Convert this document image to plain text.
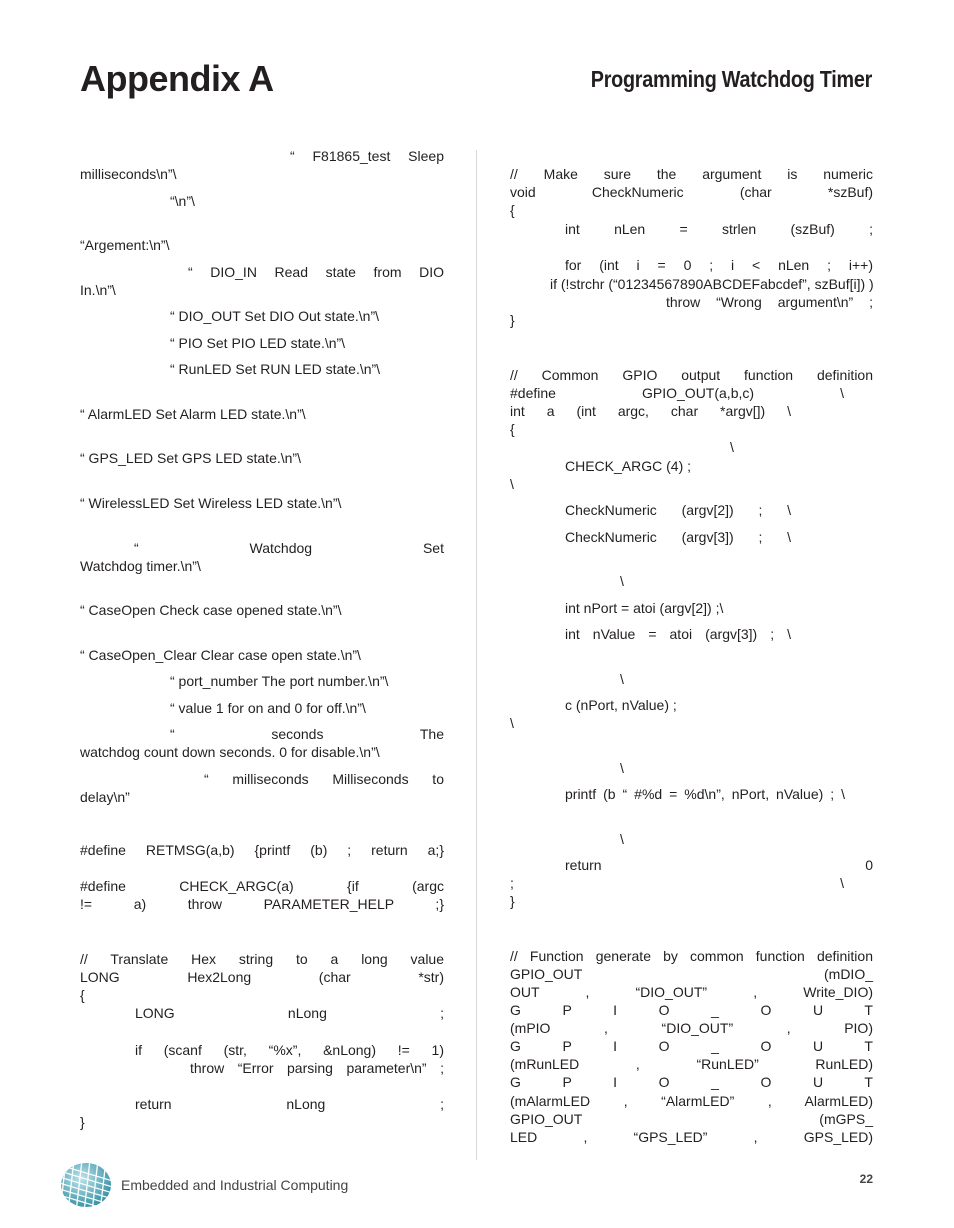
Appendix A	Programming Watchdog Timer
“ F81865_test Sleep
milliseconds\n”\
“\n”\
“Argement:\n”\
“ DIO_IN Read state from DIO
In.\n”\
“ DIO_OUT Set DIO Out state.\n”\
“ PIO Set PIO LED state.\n”\
“ RunLED Set RUN LED state.\n”\
“ AlarmLED Set Alarm LED state.\n”\
“ GPS_LED Set GPS LED state.\n”\
“ WirelessLED Set Wireless LED state.\n”\
“ Watchdog Set
Watchdog timer.\n”\
“ CaseOpen Check case opened state.\n”\
“ CaseOpen_Clear Clear case open state.\n”\
“ port_number The port number.\n”\
“ value 1 for on and 0 for off.\n”\
“ seconds The
watchdog count down seconds. 0 for disable.\n”\
“ milliseconds Milliseconds to
delay\n”
#define RETMSG(a,b) {printf (b) ; return a;}
#define CHECK_ARGC(a) {if (argc
!= a) throw PARAMETER_HELP ;}
// Translate Hex string to a long value
LONG Hex2Long (char *str)
{
LONG nLong ;
if (scanf (str, “%x”, &nLong) != 1)
throw “Error parsing parameter\n” ;
return nLong ;
}
// Make sure the argument is numeric
void CheckNumeric (char *szBuf)
{
int nLen = strlen (szBuf) ;
for (int i = 0 ; i < nLen ; i++)
if (!strchr (“01234567890ABCDEFabcdef”, szBuf[i]) )
throw “Wrong argument\n” ;
}
// Common GPIO output function definition
#define GPIO_OUT(a,b,c) \
int a (int argc, char *argv[]) \
{
\
CHECK_ARGC (4) ;
\
CheckNumeric (argv[2]) ; \
CheckNumeric (argv[3]) ; \
\
int nPort = atoi (argv[2]) ;\
int nValue = atoi (argv[3]) ; \
\
c (nPort, nValue) ;
\
\
printf (b “ #%d = %d\n”, nPort, nValue) ; \
\
return 0
; \
}
// Function generate by common function definition
GPIO_OUT (mDIO_
OUT , “DIO_OUT” , Write_DIO)
G P I O _ O U T
(mPIO , “DIO_OUT” , PIO)
G P I O _ O U T
(mRunLED , “RunLED” RunLED)
G P I O _ O U T
(mAlarmLED , “AlarmLED” , AlarmLED)
GPIO_OUT (mGPS_
LED , “GPS_LED” , GPS_LED)
Embedded and Industrial Computing	22
